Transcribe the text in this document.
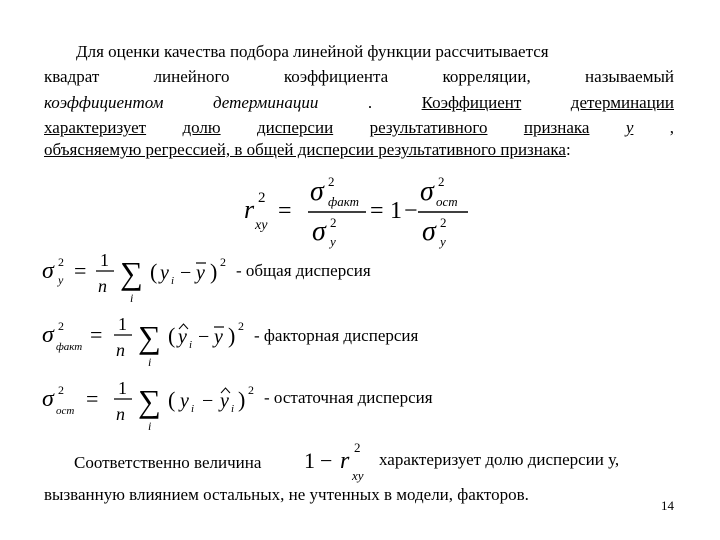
Для оценки качества подбора линейной функции рассчитывается
квадрат	линейного	коэффициента	корреляции,	называемый
коэффициентом	детерминации	.	Коэффициент	детерминации
характеризует долю дисперсии результативного признака y ,
объясняемую регрессией, в общей дисперсии результативного признака:
r 2
xy
=
σ 2
факт
σ 2
y
= 1 −
σ 2
ост
σ 2
y
σ 2
y = 1
n ∑
i
( y i − y ) 2 - общая дисперсия
σ 2
факт = 1
n ∑
i
( y i − y ) 2 - факторная дисперсия
σ 2
ост = 1
n ∑
i
( y i − y i ) 2 - остаточная дисперсия
Соответственно величина 1 − r
2
xy
характеризует долю дисперсии у,
вызванную влиянием остальных, не учтенных в модели, факторов.
14
